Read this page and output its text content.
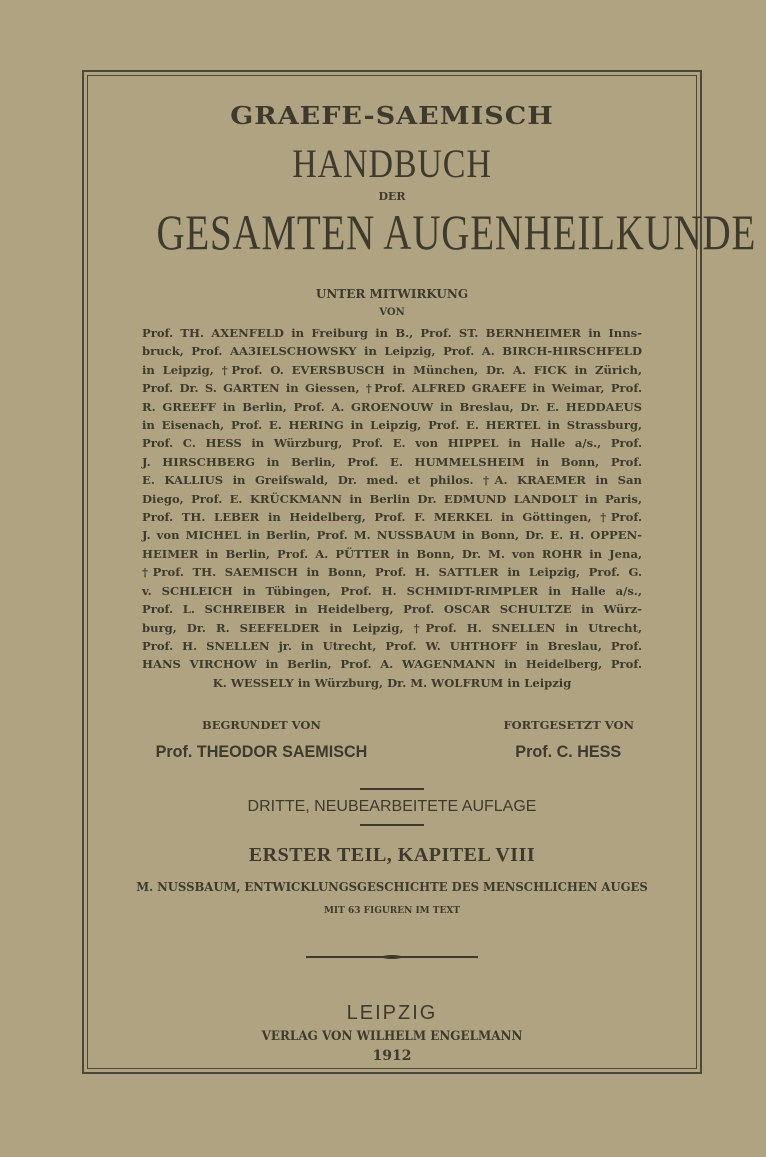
GRAEFE-SAEMISCH
HANDBUCH
DER
GESAMTEN AUGENHEILKUNDE
UNTER MITWIRKUNG
VON
Prof. TH. AXENFELD in Freiburg in B., Prof. ST. BERNHEIMER in Inns-
bruck, Prof. AA3IELSCHOWSKY in Leipzig, Prof. A. BIRCH-HIRSCHFELD
in Leipzig, †Prof. O. EVERSBUSCH in München, Dr. A. FICK in Zürich,
Prof. Dr. S. GARTEN in Giessen, †Prof. ALFRED GRAEFE in Weimar, Prof.
R. GREEFF in Berlin, Prof. A. GROENOUW in Breslau, Dr. E. HEDDAEUS
in Eisenach, Prof. E. HERING in Leipzig, Prof. E. HERTEL in Strassburg,
Prof. C. HESS in Würzburg, Prof. E. von HIPPEL in Halle a/s., Prof.
J. HIRSCHBERG in Berlin, Prof. E. HUMMELSHEIM in Bonn, Prof.
E. KALLIUS in Greifswald, Dr. med. et philos. †A. KRAEMER in San
Diego, Prof. E. KRÜCKMANN in Berlin Dr. EDMUND LANDOLT in Paris,
Prof. TH. LEBER in Heidelberg, Prof. F. MERKEL in Göttingen, †Prof.
J. von MICHEL in Berlin, Prof. M. NUSSBAUM in Bonn, Dr. E. H. OPPEN-
HEIMER in Berlin, Prof. A. PÜTTER in Bonn, Dr. M. von ROHR in Jena,
†Prof. TH. SAEMISCH in Bonn, Prof. H. SATTLER in Leipzig, Prof. G.
v. SCHLEICH in Tübingen, Prof. H. SCHMIDT-RIMPLER in Halle a/s.,
Prof. L. SCHREIBER in Heidelberg, Prof. OSCAR SCHULTZE in Würz-
burg, Dr. R. SEEFELDER in Leipzig, †Prof. H. SNELLEN in Utrecht,
Prof. H. SNELLEN jr. in Utrecht, Prof. W. UHTHOFF in Breslau, Prof.
HANS VIRCHOW in Berlin, Prof. A. WAGENMANN in Heidelberg, Prof.
K. WESSELY in Würzburg, Dr. M. WOLFRUM in Leipzig
BEGRUNDET VON
Prof. THEODOR SAEMISCH
FORTGESETZT VON
Prof. C. HESS
DRITTE, NEUBEARBEITETE AUFLAGE
ERSTER TEIL, KAPITEL VIII
M. NUSSBAUM, ENTWICKLUNGSGESCHICHTE DES MENSCHLICHEN AUGES
MIT 63 FIGUREN IM TEXT
LEIPZIG
VERLAG VON WILHELM ENGELMANN
1912
